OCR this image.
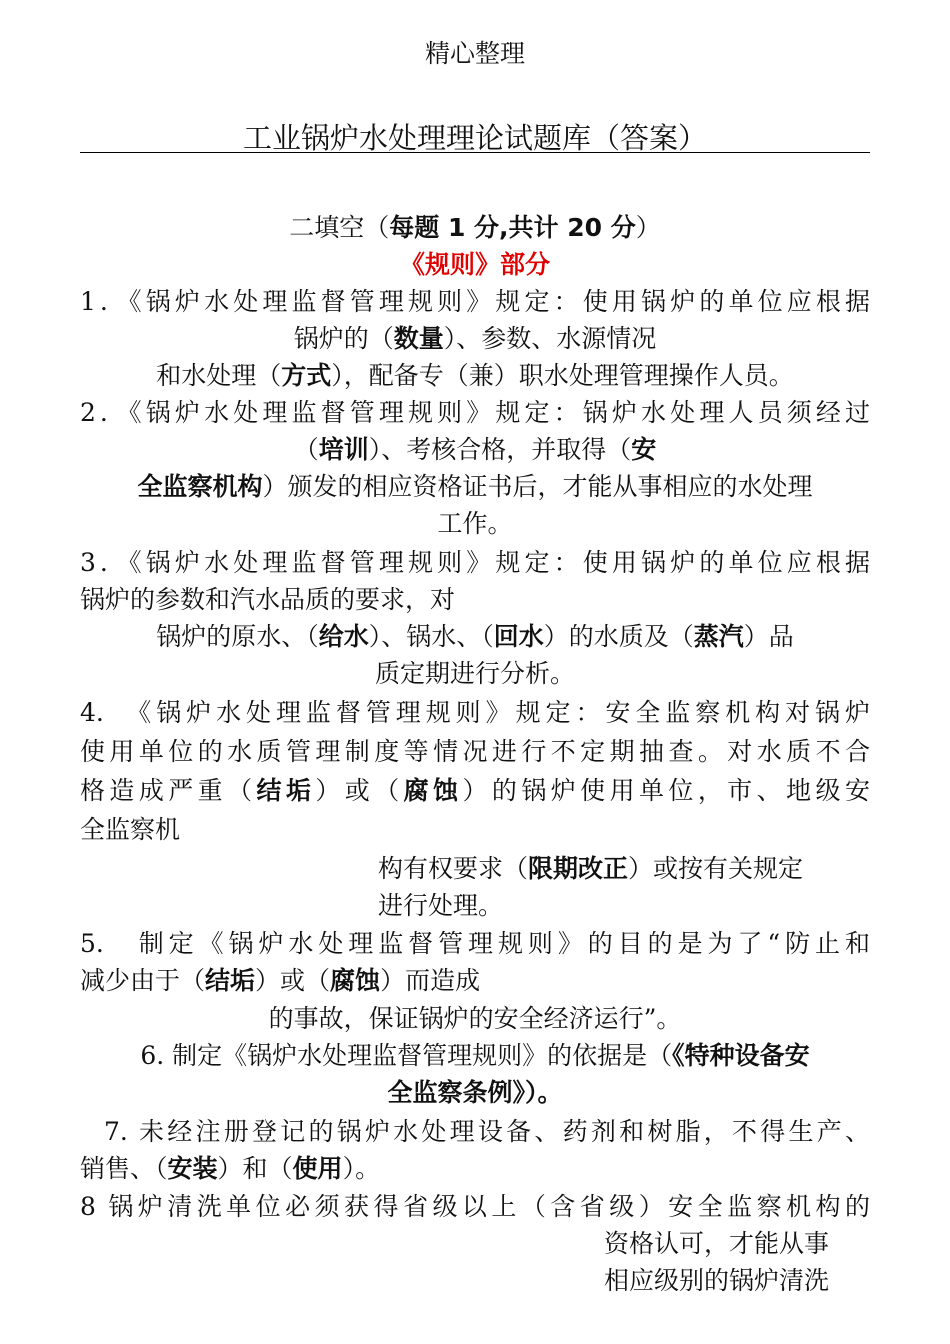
精心整理
工业锅炉水处理理论试题库（答案）
二填空（每题 1 分,共计 20 分）
《规则》部分
1．《锅炉水处理监督管理规则》规定：使用锅炉的单位应根据
锅炉的（数量）、参数、水源情况
和水处理（方式），配备专（兼）职水处理管理操作人员。
2．《锅炉水处理监督管理规则》规定：锅炉水处理人员须经过
（培训）、考核合格，并取得（安
全监察机构）颁发的相应资格证书后，才能从事相应的水处理
工作。
3．《锅炉水处理监督管理规则》规定：使用锅炉的单位应根据
锅炉的参数和汽水品质的要求，对
锅炉的原水、（给水）、锅水、（回水）的水质及（蒸汽）品
质定期进行分析。
4.　《锅炉水处理监督管理规则》规定：安全监察机构对锅炉
使用单位的水质管理制度等情况进行不定期抽查。对水质不合
格造成严重（结垢）或（腐蚀）的锅炉使用单位，市、地级安
全监察机
构有权要求（限期改正）或按有关规定
进行处理。
5.　制定《锅炉水处理监督管理规则》的目的是为了“防止和
减少由于（结垢）或（腐蚀）而造成
的事故，保证锅炉的安全经济运行”。
6. 制定《锅炉水处理监督管理规则》的依据是（《特种设备安
全监察条例》）。
7. 未经注册登记的锅炉水处理设备、药剂和树脂，不得生产、
销售、（安装）和（使用）。
8 锅炉清洗单位必须获得省级以上（含省级）安全监察机构的
资格认可，才能从事
相应级别的锅炉清洗
